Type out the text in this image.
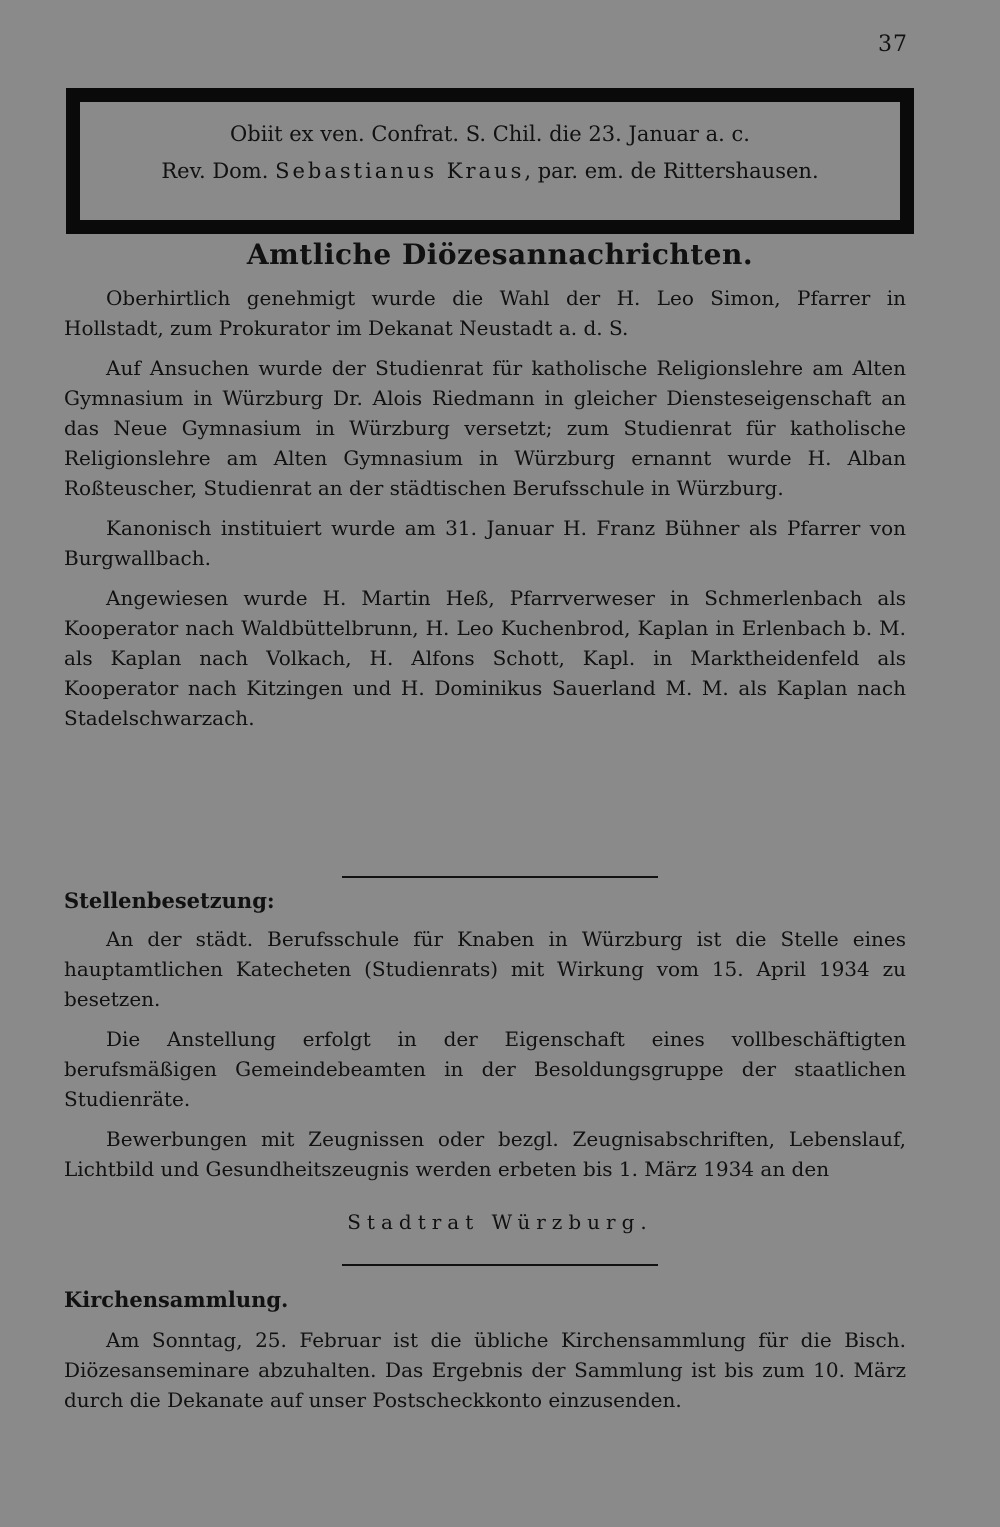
37
Obiit ex ven. Confrat. S. Chil. die 23. Januar a. c.
Rev. Dom. Sebastianus Kraus, par. em. de Rittershausen.
Amtliche Diözesannachrichten.

Oberhirtlich genehmigt wurde die Wahl der H. Leo Simon, Pfarrer in Hollstadt, zum Prokurator im Dekanat Neustadt a. d. S.

Auf Ansuchen wurde der Studienrat für katholische Religionslehre am Alten Gymnasium in Würzburg Dr. Alois Riedmann in gleicher Diensteseigenschaft an das Neue Gymnasium in Würzburg versetzt; zum Studienrat für katholische Religionslehre am Alten Gymnasium in Würzburg ernannt wurde H. Alban Roßteuscher, Studienrat an der städtischen Berufsschule in Würzburg.

Kanonisch instituiert wurde am 31. Januar H. Franz Bühner als Pfarrer von Burgwallbach.

Angewiesen wurde H. Martin Heß, Pfarrverweser in Schmerlenbach als Kooperator nach Waldbüttelbrunn, H. Leo Kuchenbrod, Kaplan in Erlenbach b. M. als Kaplan nach Volkach, H. Alfons Schott, Kapl. in Marktheidenfeld als Kooperator nach Kitzingen und H. Dominikus Sauerland M. M. als Kaplan nach Stadelschwarzach.

Stellenbesetzung:

An der städt. Berufsschule für Knaben in Würzburg ist die Stelle eines hauptamtlichen Katecheten (Studienrats) mit Wirkung vom 15. April 1934 zu besetzen.

Die Anstellung erfolgt in der Eigenschaft eines vollbeschäftigten berufsmäßigen Gemeindebeamten in der Besoldungsgruppe der staatlichen Studienräte.

Bewerbungen mit Zeugnissen oder bezgl. Zeugnisabschriften, Lebenslauf, Lichtbild und Gesundheitszeugnis werden erbeten bis 1. März 1934 an den

Stadtrat Würzburg.
Kirchensammlung.

Am Sonntag, 25. Februar ist die übliche Kirchensammlung für die Bisch. Diözesanseminare abzuhalten. Das Ergebnis der Sammlung ist bis zum 10. März durch die Dekanate auf unser Postscheckkonto einzusenden.
